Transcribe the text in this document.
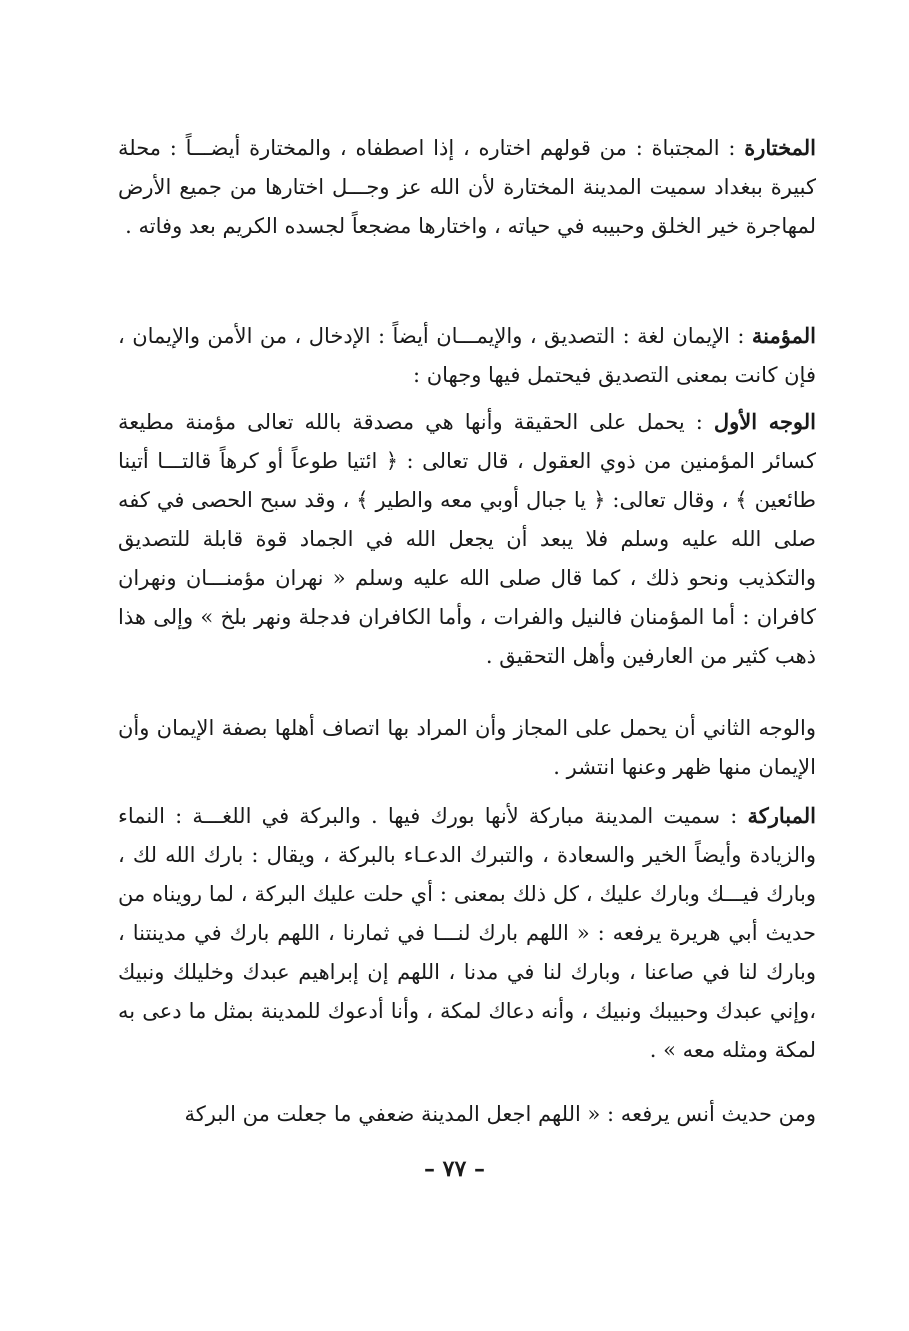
المختارة : المجتباة : من قولهم اختاره ، إذا اصطفاه ، والمختارة أيضـــاً : محلة كبيرة ببغداد سميت المدينة المختارة لأن الله عز وجـــل اختارها من جميع الأرض لمهاجرة خير الخلق وحبيبه في حياته ، واختارها مضجعاً لجسده الكريم بعد وفاته .

المؤمنة : الإيمان لغة : التصديق ، والإيمـــان أيضاً : الإدخال ، من الأمن والإيمان ، فإن كانت بمعنى التصديق فيحتمل فيها وجهان :

الوجه الأول : يحمل على الحقيقة وأنها هي مصدقة بالله تعالى مؤمنة مطيعة كسائر المؤمنين من ذوي العقول ، قال تعالى : ﴿ ائتيا طوعاً أو كرهاً قالتـــا أتينا طائعين ﴾ ، وقال تعالى: ﴿ يا جبال أوبي معه والطير ﴾ ، وقد سبح الحصى في كفه صلى الله عليه وسلم فلا يبعد أن يجعل الله في الجماد قوة قابلة للتصديق والتكذيب ونحو ذلك ، كما قال صلى الله عليه وسلم « نهران مؤمنـــان ونهران كافران : أما المؤمنان فالنيل والفرات ، وأما الكافران فدجلة ونهر بلخ » وإلى هذا ذهب كثير من العارفين وأهل التحقيق .

والوجه الثاني أن يحمل على المجاز وأن المراد بها اتصاف أهلها بصفة الإيمان وأن الإيمان منها ظهر وعنها انتشر .

المباركة : سميت المدينة مباركة لأنها بورك فيها . والبركة في اللغـــة : النماء والزيادة وأيضاً الخير والسعادة ، والتبرك الدعـاء بالبركة ، ويقال : بارك الله لك ، وبارك فيـــك وبارك عليك ، كل ذلك بمعنى : أي حلت عليك البركة ، لما رويناه من حديث أبي هريرة يرفعه : « اللهم بارك لنـــا في ثمارنا ، اللهم بارك في مدينتنا ، وبارك لنا في صاعنا ، وبارك لنا في مدنا ، اللهم إن إبراهيم عبدك وخليلك ونبيك ،وإني عبدك وحبيبك ونبيك ، وأنه دعاك لمكة ، وأنا أدعوك للمدينة بمثل ما دعى به لمكة ومثله معه » .

ومن حديث أنس يرفعه : « اللهم اجعل المدينة ضعفي ما جعلت من البركة

– ٧٧ –
